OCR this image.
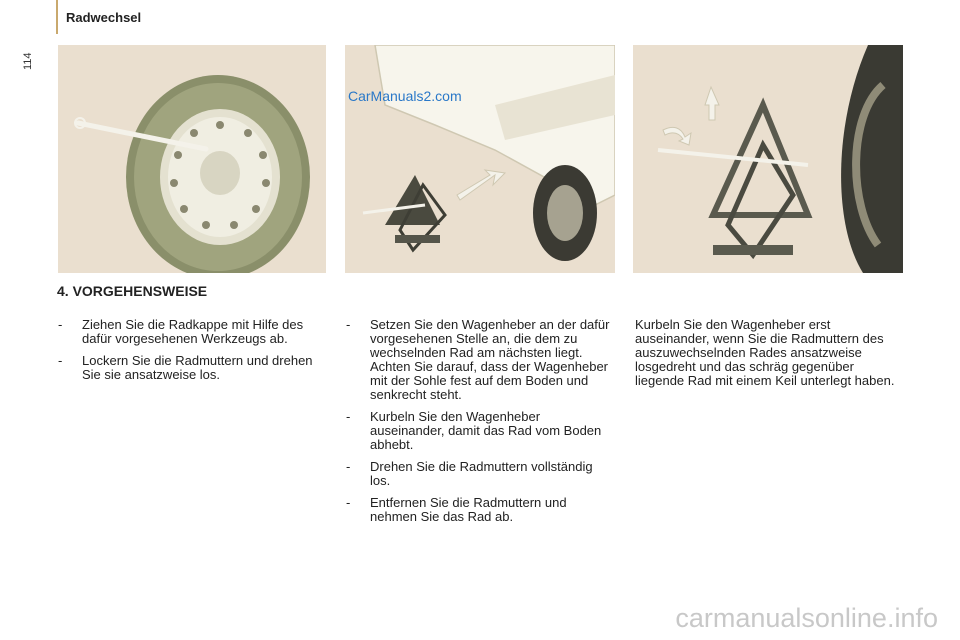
Radwechsel
114
CarManuals2.com
4. VORGEHENSWEISE
- Ziehen Sie die Radkappe mit Hilfe des dafür vorgesehenen Werkzeugs ab.
- Lockern Sie die Radmuttern und drehen Sie sie ansatzweise los.
- Setzen Sie den Wagenheber an der dafür vorgesehenen Stelle an, die dem zu wechselnden Rad am nächsten liegt. Achten Sie darauf, dass der Wagenheber mit der Sohle fest auf dem Boden und senkrecht steht.
- Kurbeln Sie den Wagenheber auseinander, damit das Rad vom Boden abhebt.
- Drehen Sie die Radmuttern vollständig los.
- Entfernen Sie die Radmuttern und nehmen Sie das Rad ab.
Kurbeln Sie den Wagenheber erst auseinander, wenn Sie die Radmuttern des auszuwechselnden Rades ansatzweise losgedreht und das schräg gegenüber liegende Rad mit einem Keil unterlegt haben.
carmanualsonline.info
